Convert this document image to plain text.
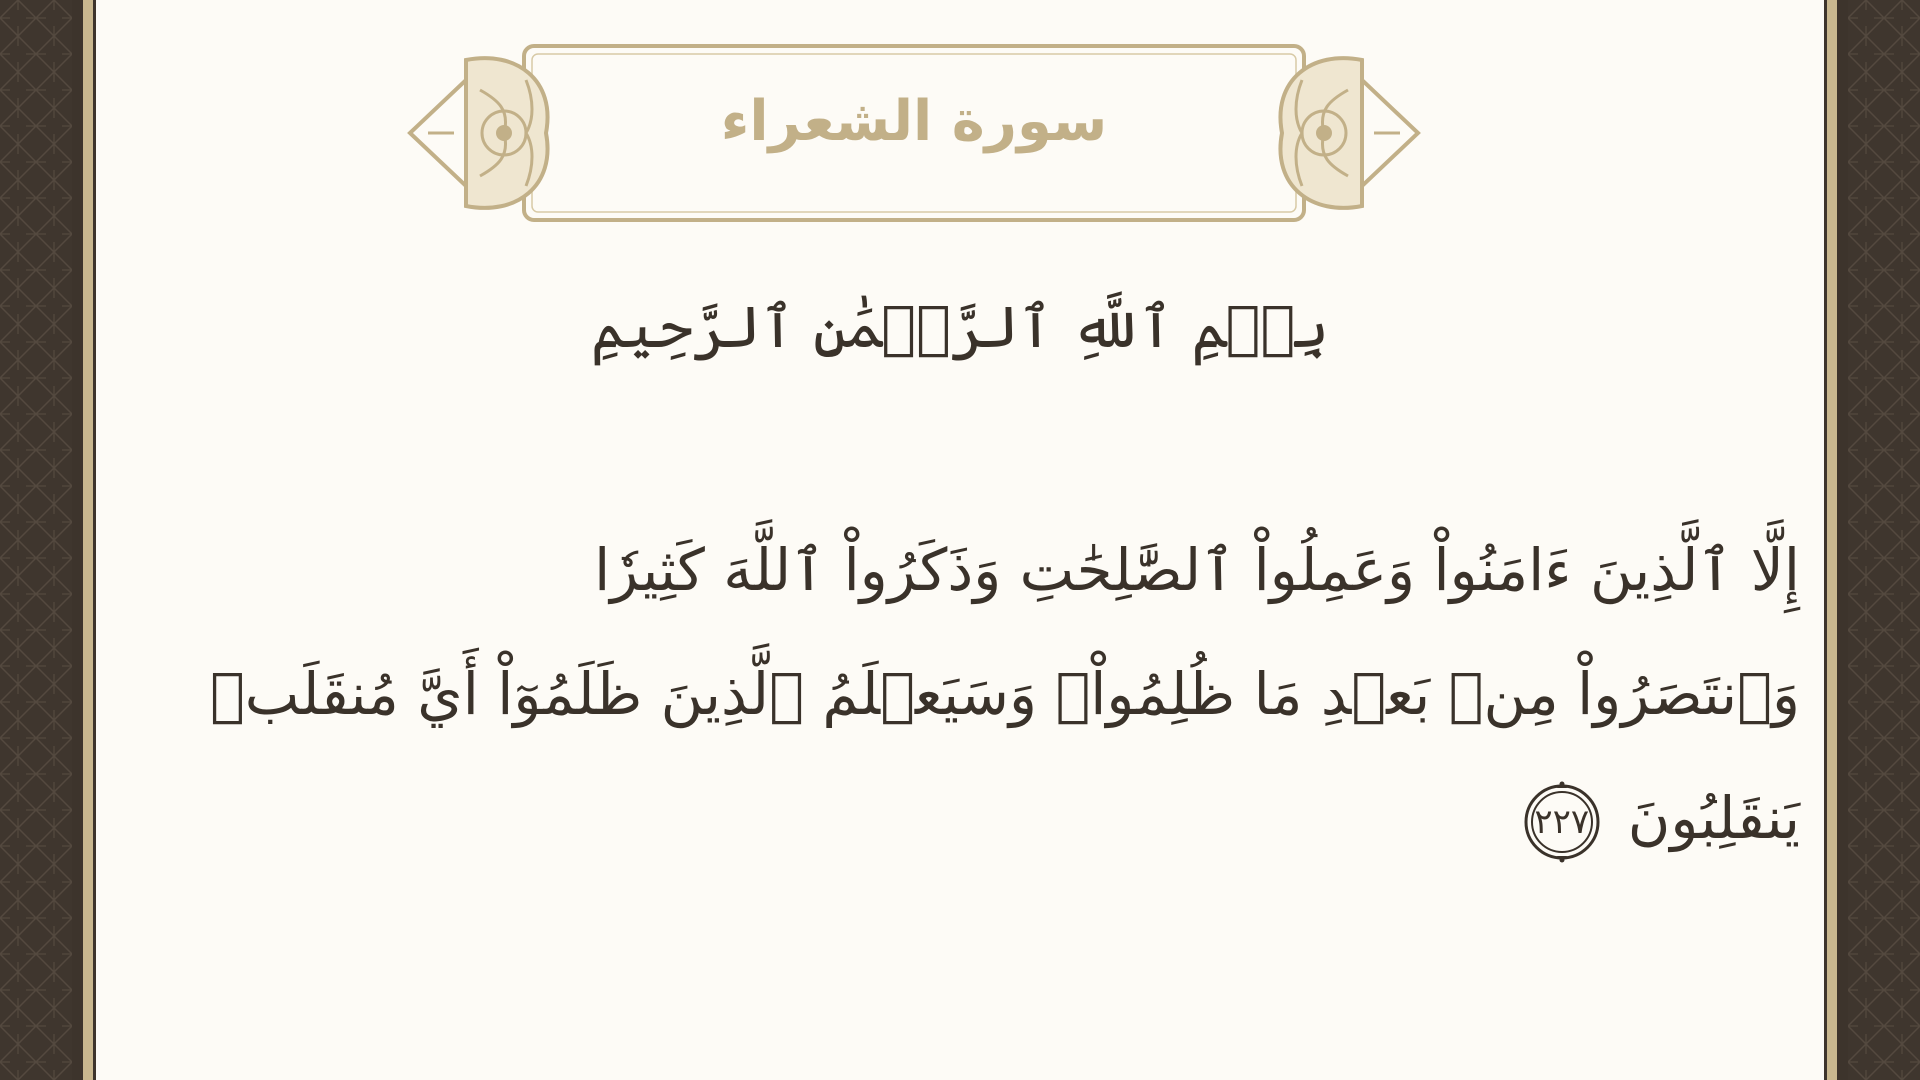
سورة الشعراء
بِسۡمِ ٱللَّهِ ٱلرَّحۡمَٰنِ ٱلرَّحِيمِ
إِلَّا ٱلَّذِينَ ءَامَنُواْ وَعَمِلُواْ ٱلصَّٰلِحَٰتِ وَذَكَرُواْ ٱللَّهَ كَثِيرٗا
وَٱنتَصَرُواْ مِنۢ بَعۡدِ مَا ظُلِمُواْۗ وَسَيَعۡلَمُ ٱلَّذِينَ ظَلَمُوٓاْ أَيَّ مُنقَلَبٖ
يَنقَلِبُونَ
٢٢٧
